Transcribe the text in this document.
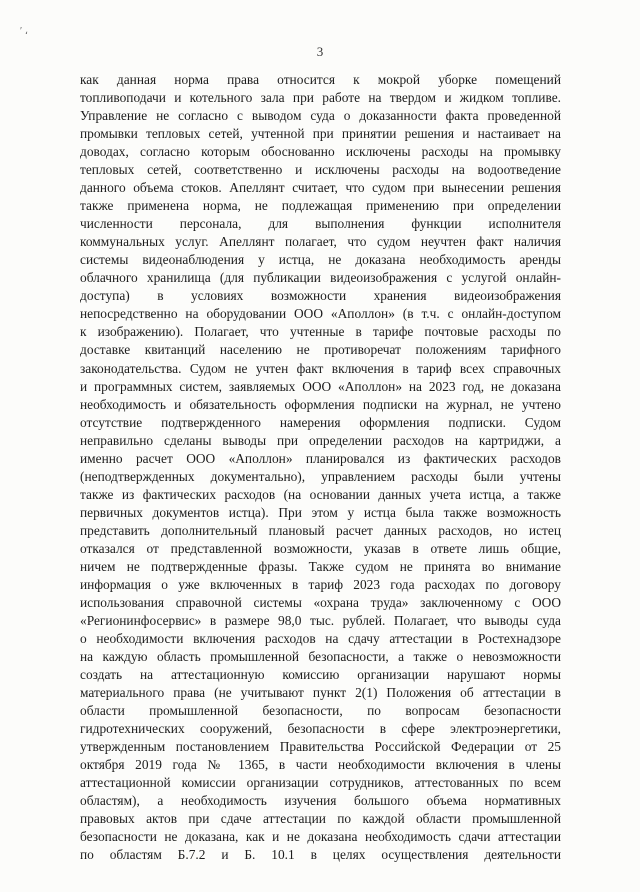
′ ،
3
как данная норма права относится к мокрой уборке помещений
топливоподачи и котельного зала при работе на твердом и жидком топливе.
Управление не согласно с выводом суда о доказанности факта проведенной
промывки тепловых сетей, учтенной при принятии решения и настаивает на
доводах, согласно которым обоснованно исключены расходы на промывку
тепловых сетей, соответственно и исключены расходы на водоотведение
данного объема стоков. Апеллянт считает, что судом при вынесении решения
также применена норма, не подлежащая применению при определении
численности персонала, для выполнения функции исполнителя
коммунальных услуг. Апеллянт полагает, что судом неучтен факт наличия
системы видеонаблюдения у истца, не доказана необходимость аренды
облачного хранилища (для публикации видеоизображения с услугой онлайн-
доступа) в условиях возможности хранения видеоизображения
непосредственно на оборудовании ООО «Аполлон» (в т.ч. с онлайн-доступом
к изображению). Полагает, что учтенные в тарифе почтовые расходы по
доставке квитанций населению не противоречат положениям тарифного
законодательства. Судом не учтен факт включения в тариф всех справочных
и программных систем, заявляемых ООО «Аполлон» на 2023 год, не доказана
необходимость и обязательность оформления подписки на журнал, не учтено
отсутствие подтвержденного намерения оформления подписки. Судом
неправильно сделаны выводы при определении расходов на картриджи, а
именно расчет ООО «Аполлон» планировался из фактических расходов
(неподтвержденных документально), управлением расходы были учтены
также из фактических расходов (на основании данных учета истца, а также
первичных документов истца). При этом у истца была также возможность
представить дополнительный плановый расчет данных расходов, но истец
отказался от представленной возможности, указав в ответе лишь общие,
ничем не подтвержденные фразы. Также судом не принята во внимание
информация о уже включенных в тариф 2023 года расходах по договору
использования справочной системы «охрана труда» заключенному с ООО
«Регионинфосервис» в размере 98,0 тыс. рублей. Полагает, что выводы суда
о необходимости включения расходов на сдачу аттестации в Ростехнадзоре
на каждую область промышленной безопасности, а также о невозможности
создать на аттестационную комиссию организации нарушают нормы
материального права (не учитывают пункт 2(1) Положения об аттестации в
области промышленной безопасности, по вопросам безопасности
гидротехнических сооружений, безопасности в сфере электроэнергетики,
утвержденным постановлением Правительства Российской Федерации от 25
октября 2019 года № 1365, в части необходимости включения в члены
аттестационной комиссии организации сотрудников, аттестованных по всем
областям), а необходимость изучения большого объема нормативных
правовых актов при сдаче аттестации по каждой области промышленной
безопасности не доказана, как и не доказана необходимость сдачи аттестации
по областям Б.7.2 и Б. 10.1 в целях осуществления деятельности
